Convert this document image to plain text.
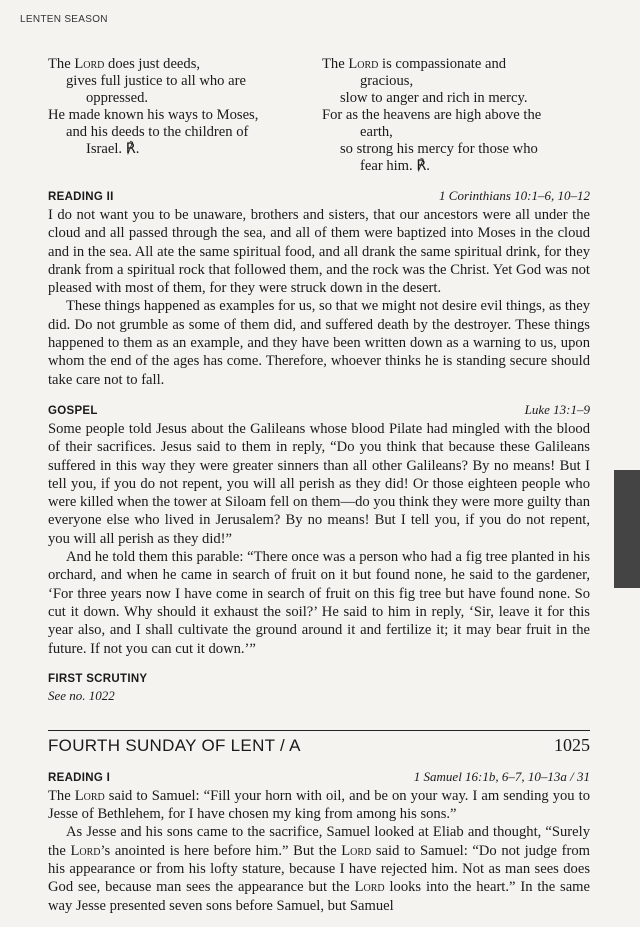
LENTEN SEASON

The Lord does just deeds,

gives full justice to all who are

oppressed.

He made known his ways to Moses,

and his deeds to the children of

Israel. ℟.

The Lord is compassionate and

gracious,

slow to anger and rich in mercy.

For as the heavens are high above the

earth,

so strong his mercy for those who

fear him. ℟.

READING II	1 Corinthians 10:1–6, 10–12

I do not want you to be unaware, brothers and sisters, that our ancestors were all under the cloud and all passed through the sea, and all of them were baptized into Moses in the cloud and in the sea. All ate the same spiritual food, and all drank the same spiritual drink, for they drank from a spiritual rock that followed them, and the rock was the Christ. Yet God was not pleased with most of them, for they were struck down in the desert.

These things happened as examples for us, so that we might not desire evil things, as they did. Do not grumble as some of them did, and suffered death by the destroyer. These things happened to them as an example, and they have been written down as a warning to us, upon whom the end of the ages has come. Therefore, whoever thinks he is standing secure should take care not to fall.

GOSPEL	Luke 13:1–9

Some people told Jesus about the Galileans whose blood Pilate had mingled with the blood of their sacrifices. Jesus said to them in reply, “Do you think that because these Galileans suffered in this way they were greater sinners than all other Galileans? By no means! But I tell you, if you do not repent, you will all perish as they did! Or those eighteen people who were killed when the tower at Siloam fell on them—do you think they were more guilty than everyone else who lived in Jerusalem? By no means! But I tell you, if you do not repent, you will all perish as they did!”

And he told them this parable: “There once was a person who had a fig tree planted in his orchard, and when he came in search of fruit on it but found none, he said to the gardener, ‘For three years now I have come in search of fruit on this fig tree but have found none. So cut it down. Why should it exhaust the soil?’ He said to him in reply, ‘Sir, leave it for this year also, and I shall cultivate the ground around it and fertilize it; it may bear fruit in the future. If not you can cut it down.’”

FIRST SCRUTINY

See no. 1022

FOURTH SUNDAY OF LENT / A	1025
READING I	1 Samuel 16:1b, 6–7, 10–13a / 31

The Lord said to Samuel: “Fill your horn with oil, and be on your way. I am sending you to Jesse of Bethlehem, for I have chosen my king from among his sons.”

As Jesse and his sons came to the sacrifice, Samuel looked at Eliab and thought, “Surely the Lord’s anointed is here before him.” But the Lord said to Samuel: “Do not judge from his appearance or from his lofty stature, because I have rejected him. Not as man sees does God see, because man sees the appearance but the Lord looks into the heart.” In the same way Jesse presented seven sons before Samuel, but Samuel
